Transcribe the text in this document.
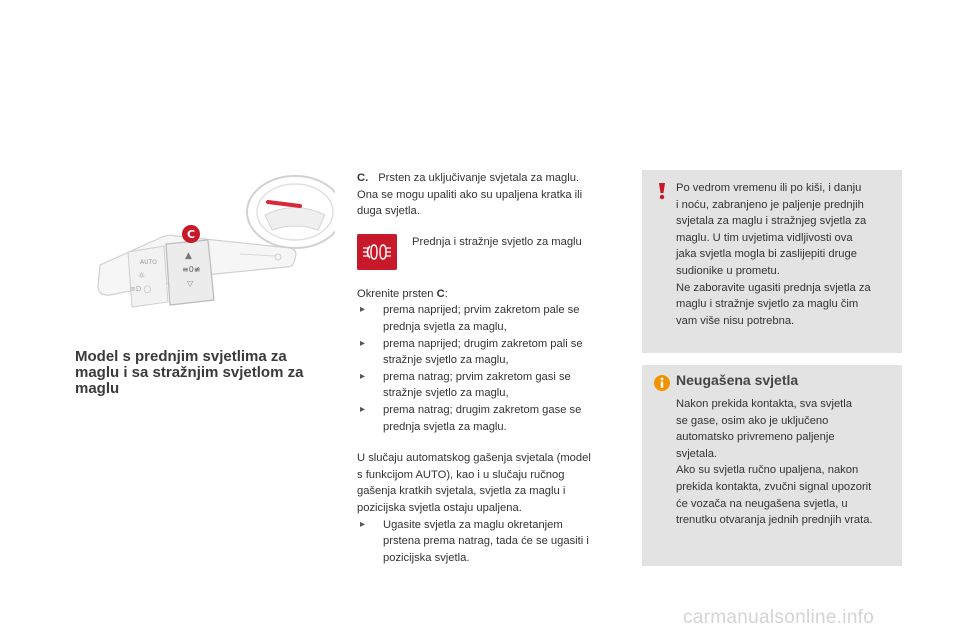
▲
≡0≢
▽
AUTO
☼
≡D ◯
C
Model s prednjim svjetlima za maglu i sa stražnjim svjetlom za maglu

C. Prsten za uključivanje svjetala za maglu.

Ona se mogu upaliti ako su upaljena kratka ili

duga svjetla.

Prednja i stražnje svjetlo za maglu

Okrenite prsten C:

▸ prema naprijed; prvim zakretom pale se
prednja svjetla za maglu,
▸ prema naprijed; drugim zakretom pali se
stražnje svjetlo za maglu,
▸ prema natrag; prvim zakretom gasi se
stražnje svjetlo za maglu,
▸ prema natrag; drugim zakretom gase se
prednja svjetla za maglu.

U slučaju automatskog gašenja svjetala (model

s funkcijom AUTO), kao i u slučaju ručnog

gašenja kratkih svjetala, svjetla za maglu i

pozicijska svjetla ostaju upaljena.

▸ Ugasite svjetla za maglu okretanjem
prstena prema natrag, tada će se ugasiti i
pozicijska svjetla.
Po vedrom vremenu ili po kiši, i danju
i noću, zabranjeno je paljenje prednjih
svjetala za maglu i stražnjeg svjetla za
maglu. U tim uvjetima vidljivosti ova
jaka svjetla mogla bi zaslijepiti druge
sudionike u prometu.
Ne zaboravite ugasiti prednja svjetla za
maglu i stražnje svjetlo za maglu čim
vam više nisu potrebna.
Neugašena svjetla
Nakon prekida kontakta, sva svjetla
se gase, osim ako je uključeno
automatsko privremeno paljenje
svjetala.
Ako su svjetla ručno upaljena, nakon
prekida kontakta, zvučni signal upozorit
će vozača na neugašena svjetla, u
trenutku otvaranja jednih prednjih vrata.
carmanualsonline.info
